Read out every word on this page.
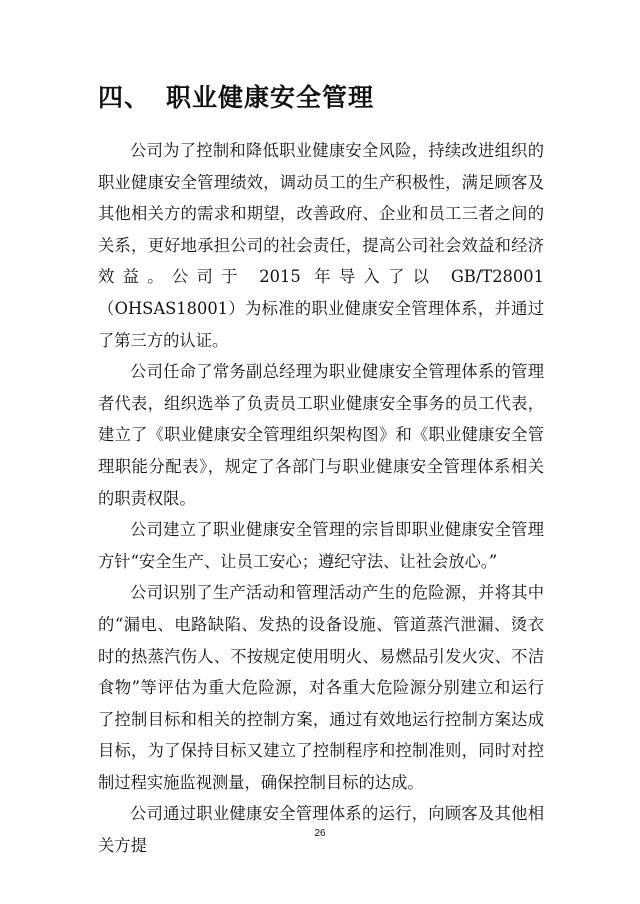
四、 职业健康安全管理

公司为了控制和降低职业健康安全风险，持续改进组织的职业健康安全管理绩效，调动员工的生产积极性，满足顾客及其他相关方的需求和期望，改善政府、企业和员工三者之间的关系，更好地承担公司的社会责任，提高公司社会效益和经济效益。公司于 2015 年导入了以 GB/T28001（OHSAS18001）为标准的职业健康安全管理体系，并通过了第三方的认证。

公司任命了常务副总经理为职业健康安全管理体系的管理者代表，组织选举了负责员工职业健康安全事务的员工代表，建立了《职业健康安全管理组织架构图》和《职业健康安全管理职能分配表》，规定了各部门与职业健康安全管理体系相关的职责权限。

公司建立了职业健康安全管理的宗旨即职业健康安全管理方针“安全生产、让员工安心；遵纪守法、让社会放心。”

公司识别了生产活动和管理活动产生的危险源，并将其中的“漏电、电路缺陷、发热的设备设施、管道蒸汽泄漏、烫衣时的热蒸汽伤人、不按规定使用明火、易燃品引发火灾、不洁食物”等评估为重大危险源，对各重大危险源分别建立和运行了控制目标和相关的控制方案，通过有效地运行控制方案达成目标，为了保持目标又建立了控制程序和控制准则，同时对控制过程实施监视测量，确保控制目标的达成。

公司通过职业健康安全管理体系的运行，向顾客及其他相关方提

26
